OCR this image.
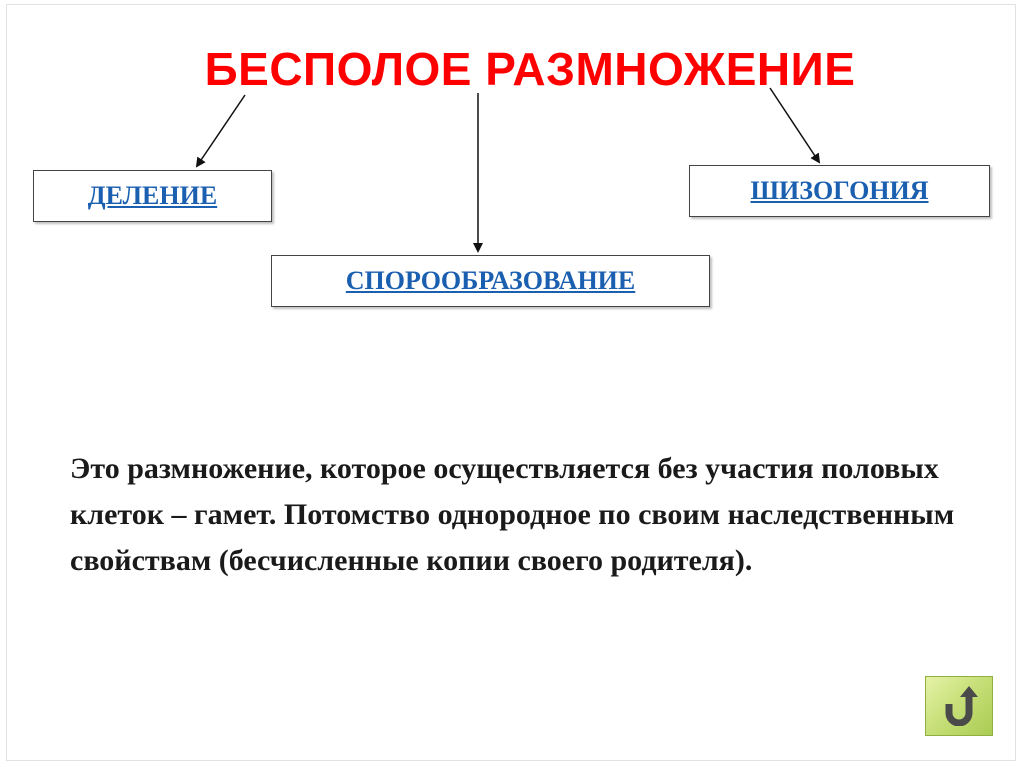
БЕСПОЛОЕ РАЗМНОЖЕНИЕ
ДЕЛЕНИЕ	ШИЗОГОНИЯ
СПОРООБРАЗОВАНИЕ
Это размножение, которое осуществляется без участия половых клеток – гамет. Потомство однородное по своим наследственным свойствам (бесчисленные копии своего родителя).
